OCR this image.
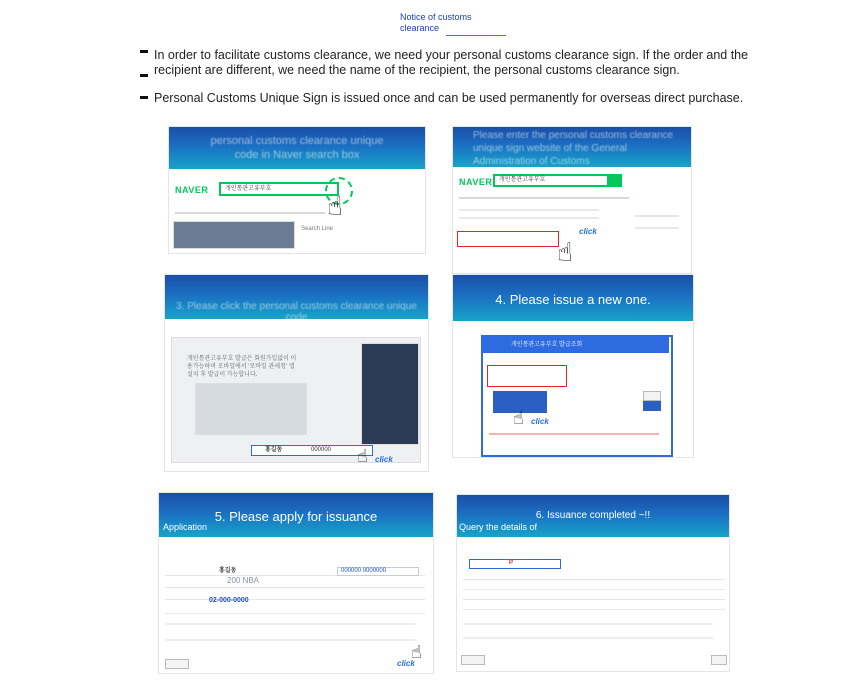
Notice of customs clearance
In order to facilitate customs clearance, we need your personal customs clearance sign. If the order and the recipient are different, we need the name of the recipient, the personal customs clearance sign.
Personal Customs Unique Sign is issued once and can be used permanently for overseas direct purchase.
personal customs clearance unique code in Naver search box
NAVER	개인통관고유부호
☝
Search Line
Please enter the personal customs clearance unique sign website of the General Administration of Customs
NAVER	개인통관고유부호
☝
click
3. Please click the personal customs clearance unique code
개인통관고유부호 발급은 회원가입없이 이용가능하며 모바일에서 '모바일 관세청' 앱 설치 후 발급이 가능합니다.
홍길동	000000 ☝ click
4. Please issue a new one.
개인통관고유부호 발급조회
☝ click
5. Please apply for issuance
Application
홍길동	000000 0000000
200 NBA
02-000-0000
☝
click
6. Issuance completed ~!!
Query the details of
P
